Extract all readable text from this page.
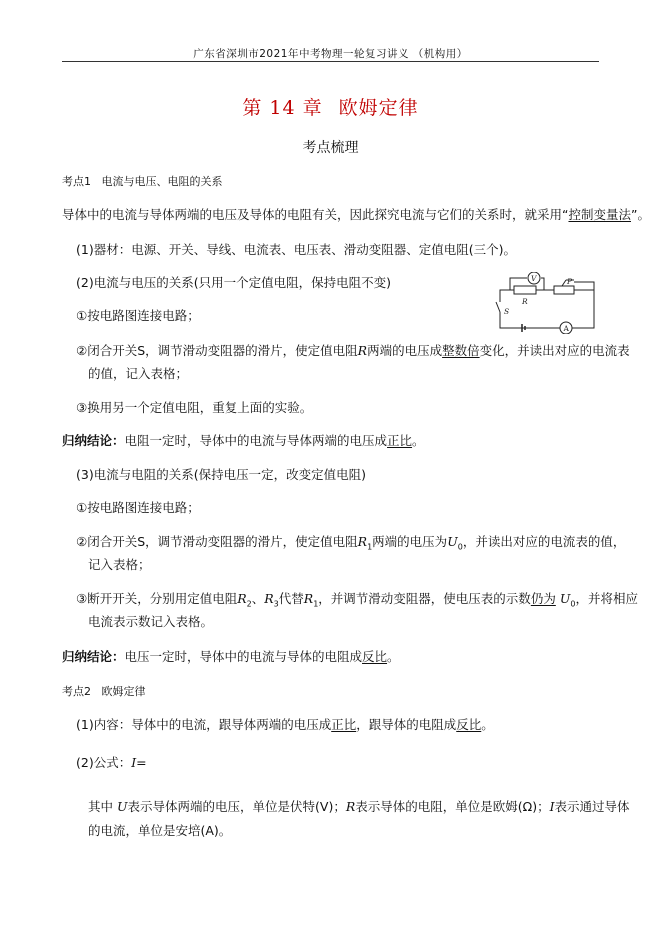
广东省深圳市2021年中考物理一轮复习讲义 （机构用）
第 14 章 欧姆定律
考点梳理
考点1 电流与电压、电阻的关系
导体中的电流与导体两端的电压及导体的电阻有关，因此探究电流与它们的关系时，就采用“控制变量法”。
(1)器材：电源、开关、导线、电流表、电压表、滑动变阻器、定值电阻(三个)。
(2)电流与电压的关系(只用一个定值电阻，保持电阻不变)
①按电路图连接电路；
②闭合开关S，调节滑动变阻器的滑片，使定值电阻R两端的电压成整数倍变化，并读出对应的电流表
的值，记入表格；
③换用另一个定值电阻，重复上面的实验。
归纳结论：电阻一定时，导体中的电流与导体两端的电压成正比。
(3)电流与电阻的关系(保持电压一定，改变定值电阻)
①按电路图连接电路；
②闭合开关S，调节滑动变阻器的滑片，使定值电阻$R_1$两端的电压为$U_0$，并读出对应的电流表的值，
记入表格；
③断开开关，分别用定值电阻$R_2$、$R_3$代替$R_1$，并调节滑动变阻器，使电压表的示数仍为 $U_0$，并将相应
电流表示数记入表格。
归纳结论：电压一定时，导体中的电流与导体的电阻成反比。
考点2 欧姆定律
(1)内容：导体中的电流，跟导体两端的电压成正比，跟导体的电阻成反比。
(2)公式：I=
其中 U表示导体两端的电压，单位是伏特(V)；R表示导体的电阻，单位是欧姆(Ω)；I表示通过导体
的电流，单位是安培(A)。
V
R
P
S
A
